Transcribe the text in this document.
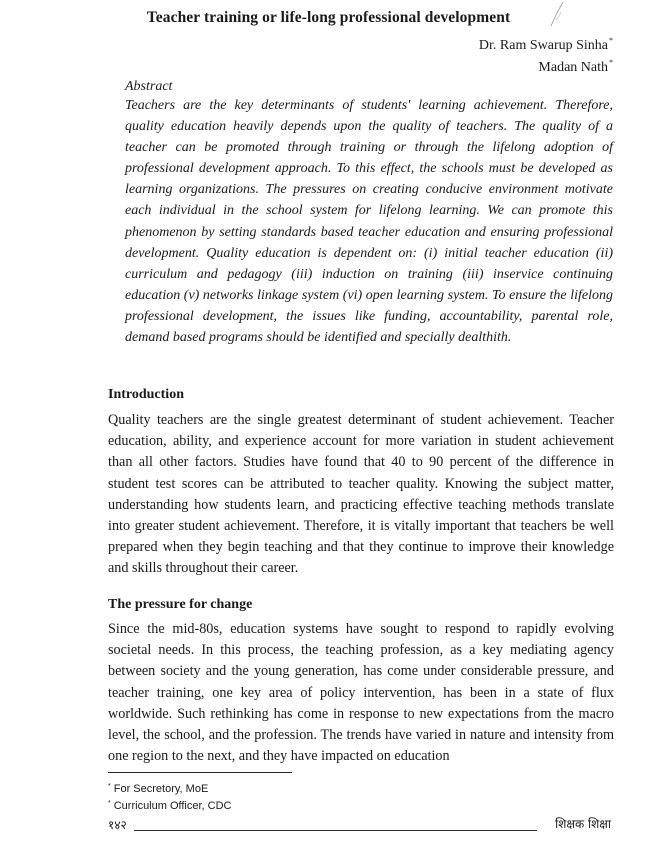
Teacher training or life-long professional development
Dr. Ram Swarup Sinha*
Madan Nath*
Abstract
Teachers are the key determinants of students' learning achievement. Therefore, quality education heavily depends upon the quality of teachers. The quality of a teacher can be promoted through training or through the lifelong adoption of professional development approach. To this effect, the schools must be developed as learning organizations. The pressures on creating conducive environment motivate each individual in the school system for lifelong learning. We can promote this phenomenon by setting standards based teacher education and ensuring professional development. Quality education is dependent on: (i) initial teacher education (ii) curriculum and pedagogy (iii) induction on training (iii) inservice continuing education (v) networks linkage system (vi) open learning system. To ensure the lifelong professional development, the issues like funding, accountability, parental role, demand based programs should be identified and specially dealthith.
Introduction
Quality teachers are the single greatest determinant of student achievement. Teacher education, ability, and experience account for more variation in student achievement than all other factors. Studies have found that 40 to 90 percent of the difference in student test scores can be attributed to teacher quality. Knowing the subject matter, understanding how students learn, and practicing effective teaching methods translate into greater student achievement. Therefore, it is vitally important that teachers be well prepared when they begin teaching and that they continue to improve their knowledge and skills throughout their career.
The pressure for change
Since the mid-80s, education systems have sought to respond to rapidly evolving societal needs. In this process, the teaching profession, as a key mediating agency between society and the young generation, has come under considerable pressure, and teacher training, one key area of policy intervention, has been in a state of flux worldwide. Such rethinking has come in response to new expectations from the macro level, the school, and the profession. The trends have varied in nature and intensity from one region to the next, and they have impacted on education
* For Secretory, MoE
* Curriculum Officer, CDC
१४२	शिक्षक शिक्षा
